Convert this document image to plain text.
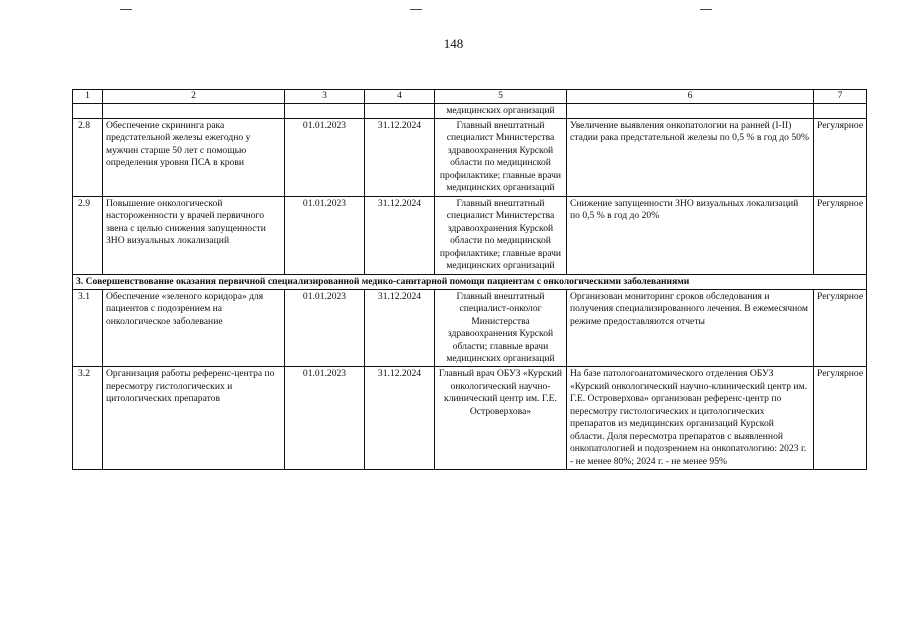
148
1	2	3	4	5	6	7
				медицинских организаций		
2.8	Обеспечение скрининга рака предстательной железы ежегодно у мужчин старше 50 лет с помощью определения уровня ПСА в крови	01.01.2023	31.12.2024	Главный внештатный специалист Министерства здравоохранения Курской области по медицинской профилактике; главные врачи медицинских организаций	Увеличение выявления онкопатологии на ранней (I-II) стадии рака предстательной железы по 0,5 % в год до 50%	Регулярное
2.9	Повышение онкологической настороженности у врачей первичного звена с целью снижения запущенности ЗНО визуальных локализаций	01.01.2023	31.12.2024	Главный внештатный специалист Министерства здравоохранения Курской области по медицинской профилактике; главные врачи медицинских организаций	Снижение запущенности ЗНО визуальных локализаций по 0,5 % в год до 20%	Регулярное
3. Совершенствование оказания первичной специализированной медико-санитарной помощи пациентам с онкологическими заболеваниями						
3.1	Обеспечение «зеленого коридора» для пациентов с подозрением на онкологическое заболевание	01.01.2023	31.12.2024	Главный внештатный специалист-онколог Министерства здравоохранения Курской области; главные врачи медицинских организаций	Организован мониторинг сроков обследования и получения специализированного лечения. В ежемесячном режиме предоставляются отчеты	Регулярное
3.2	Организация работы референс-центра по пересмотру гистологических и цитологических препаратов	01.01.2023	31.12.2024	Главный врач ОБУЗ «Курский онкологический научно-клинический центр им. Г.Е. Островерхова»	На базе патологоанатомического отделения ОБУЗ «Курский онкологический научно-клинический центр им. Г.Е. Островерхова» организован референс-центр по пересмотру гистологических и цитологических препаратов из медицинских организаций Курской области. Доля пересмотра препаратов с выявленной онкопатологией и подозрением на онкопатологию: 2023 г. - не менее 80%; 2024 г. - не менее 95%	Регулярное
